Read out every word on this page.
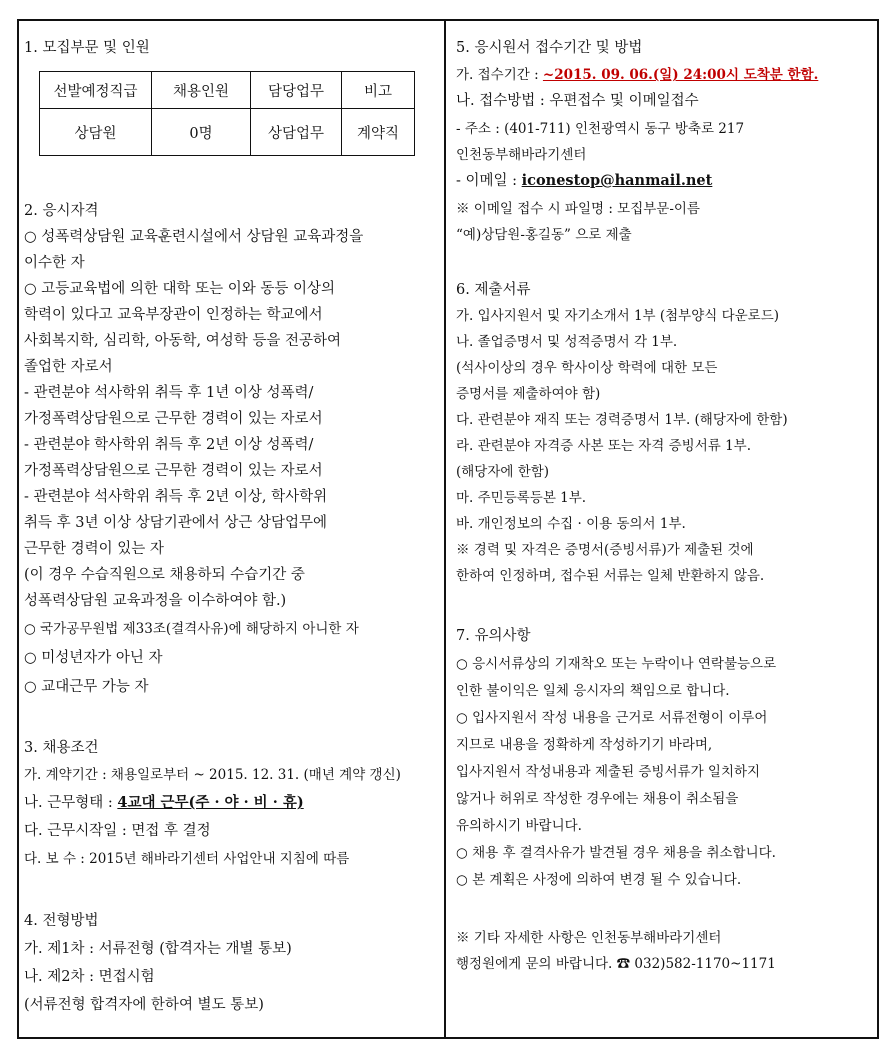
1. 모집부문 및 인원
선발예정직급	채용인원	담당업무	비고
상담원	0명	상담업무	계약직
2. 응시자격
○ 성폭력상담원 교육훈련시설에서 상담원 교육과정을
이수한 자
○ 고등교육법에 의한 대학 또는 이와 동등 이상의
학력이 있다고 교육부장관이 인정하는 학교에서
사회복지학, 심리학, 아동학, 여성학 등을 전공하여
졸업한 자로서
- 관련분야 석사학위 취득 후 1년 이상 성폭력/
가정폭력상담원으로 근무한 경력이 있는 자로서
- 관련분야 학사학위 취득 후 2년 이상 성폭력/
가정폭력상담원으로 근무한 경력이 있는 자로서
- 관련분야 석사학위 취득 후 2년 이상, 학사학위
취득 후 3년 이상 상담기관에서 상근 상담업무에
근무한 경력이 있는 자
(이 경우 수습직원으로 채용하되 수습기간 중
성폭력상담원 교육과정을 이수하여야 함.)
○ 국가공무원법 제33조(결격사유)에 해당하지 아니한 자
○ 미성년자가 아닌 자
○ 교대근무 가능 자
3. 채용조건
가. 계약기간 : 채용일로부터 ~ 2015. 12. 31. (매년 계약 갱신)
나. 근무형태 : 4교대 근무(주 · 야 · 비 · 휴)
다. 근무시작일 : 면접 후 결정
다. 보 수 : 2015년 해바라기센터 사업안내 지침에 따름
4. 전형방법
가. 제1차 : 서류전형 (합격자는 개별 통보)
나. 제2차 : 면접시험
(서류전형 합격자에 한하여 별도 통보)
5. 응시원서 접수기간 및 방법
가. 접수기간 : ~2015. 09. 06.(일) 24:00시 도착분 한함.
나. 접수방법 : 우편접수 및 이메일접수
- 주소 : (401-711) 인천광역시 동구 방축로 217
인천동부해바라기센터
- 이메일 : iconestop@hanmail.net
※ 이메일 접수 시 파일명 : 모집부문-이름
“예)상담원-홍길동” 으로 제출
6. 제출서류
가. 입사지원서 및 자기소개서 1부 (첨부양식 다운로드)
나. 졸업증명서 및 성적증명서 각 1부.
(석사이상의 경우 학사이상 학력에 대한 모든
증명서를 제출하여야 함)
다. 관련분야 재직 또는 경력증명서 1부. (해당자에 한함)
라. 관련분야 자격증 사본 또는 자격 증빙서류 1부.
(해당자에 한함)
마. 주민등록등본 1부.
바. 개인정보의 수집 · 이용 동의서 1부.
※ 경력 및 자격은 증명서(증빙서류)가 제출된 것에
한하여 인정하며, 접수된 서류는 일체 반환하지 않음.
7. 유의사항
○ 응시서류상의 기재착오 또는 누락이나 연락불능으로
인한 불이익은 일체 응시자의 책임으로 합니다.
○ 입사지원서 작성 내용을 근거로 서류전형이 이루어
지므로 내용을 정확하게 작성하기기 바라며,
입사지원서 작성내용과 제출된 증빙서류가 일치하지
않거나 허위로 작성한 경우에는 채용이 취소됨을
유의하시기 바랍니다.
○ 채용 후 결격사유가 발견될 경우 채용을 취소합니다.
○ 본 계획은 사정에 의하여 변경 될 수 있습니다.
※ 기타 자세한 사항은 인천동부해바라기센터
행정원에게 문의 바랍니다. ☎ 032)582-1170~1171
